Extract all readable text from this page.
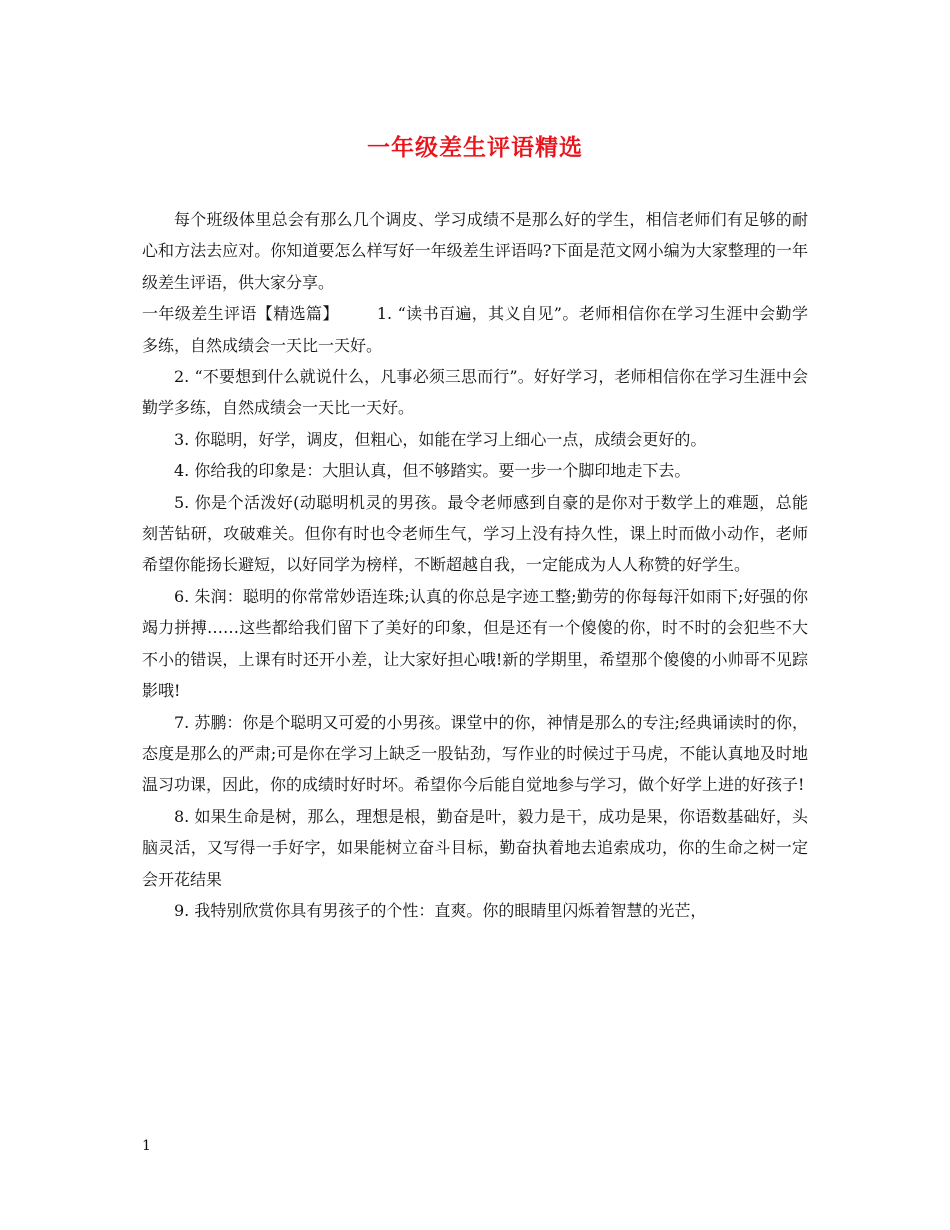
一年级差生评语精选

每个班级体里总会有那么几个调皮、学习成绩不是那么好的学生，相信老师们有足够的耐心和方法去应对。你知道要怎么样写好一年级差生评语吗?下面是范文网小编为大家整理的一年级差生评语，供大家分享。

一年级差生评语【精选篇】 1. “读书百遍，其义自见”。老师相信你在学习生涯中会勤学多练，自然成绩会一天比一天好。

2. “不要想到什么就说什么，凡事必须三思而行”。好好学习，老师相信你在学习生涯中会勤学多练，自然成绩会一天比一天好。

3. 你聪明，好学，调皮，但粗心，如能在学习上细心一点，成绩会更好的。

4. 你给我的印象是：大胆认真，但不够踏实。要一步一个脚印地走下去。

5. 你是个活泼好(动聪明机灵的男孩。最令老师感到自豪的是你对于数学上的难题，总能刻苦钻研，攻破难关。但你有时也令老师生气，学习上没有持久性，课上时而做小动作，老师希望你能扬长避短，以好同学为榜样，不断超越自我，一定能成为人人称赞的好学生。

6. 朱润：聪明的你常常妙语连珠;认真的你总是字迹工整;勤劳的你每每汗如雨下;好强的你竭力拼搏……这些都给我们留下了美好的印象，但是还有一个傻傻的你，时不时的会犯些不大不小的错误，上课有时还开小差，让大家好担心哦!新的学期里，希望那个傻傻的小帅哥不见踪影哦!

7. 苏鹏：你是个聪明又可爱的小男孩。课堂中的你，神情是那么的专注;经典诵读时的你，态度是那么的严肃;可是你在学习上缺乏一股钻劲，写作业的时候过于马虎，不能认真地及时地温习功课，因此，你的成绩时好时坏。希望你今后能自觉地参与学习，做个好学上进的好孩子!

8. 如果生命是树，那么，理想是根，勤奋是叶，毅力是干，成功是果，你语数基础好，头脑灵活，又写得一手好字，如果能树立奋斗目标，勤奋执着地去追索成功，你的生命之树一定会开花结果

9. 我特别欣赏你具有男孩子的个性：直爽。你的眼睛里闪烁着智慧的光芒，

1
